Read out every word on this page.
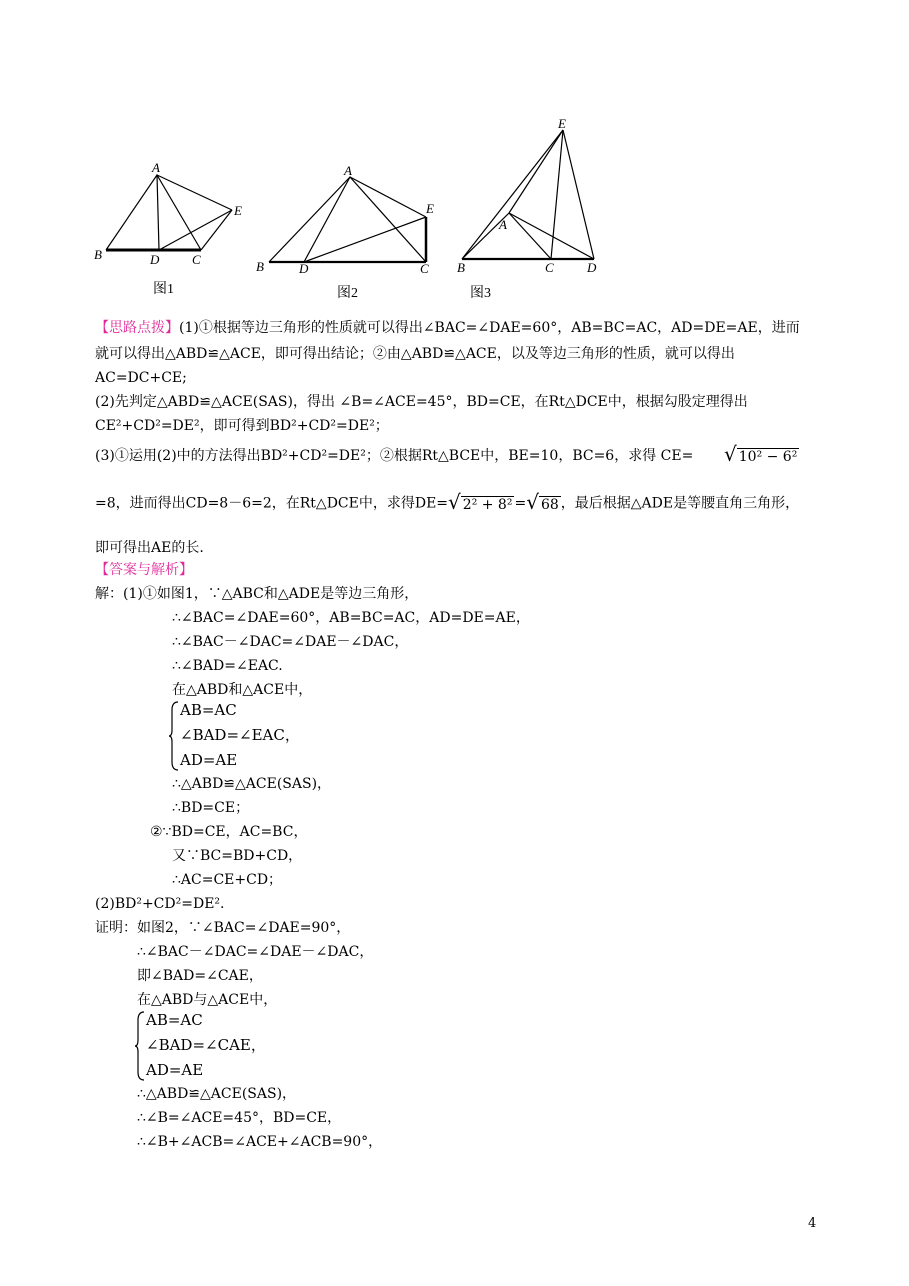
A
B	D	C
E
图1
A
B	D	C
E
图2
E
A
B	C	D
图3
【思路点拨】(1)①根据等边三角形的性质就可以得出∠BAC=∠DAE=60°，AB=BC=AC，AD=DE=AE，进而
就可以得出△ABD≌△ACE，即可得出结论；②由△ABD≌△ACE，以及等边三角形的性质，就可以得出
AC=DC+CE;
(2)先判定△ABD≌△ACE(SAS)，得出 ∠B=∠ACE=45°，BD=CE，在Rt△DCE中，根据勾股定理得出
CE²+CD²=DE²，即可得到BD²+CD²=DE²；
(3)①运用(2)中的方法得出BD²+CD²=DE²；②根据Rt△BCE中，BE=10，BC=6，求得 CE= √ 10² − 6²
=8，进而得出CD=8－6=2，在Rt△DCE中，求得DE=√ 2² + 8² =√ 68 ，最后根据△ADE是等腰直角三角形，
即可得出AE的长.
【答案与解析】
解：(1)①如图1，∵△ABC和△ADE是等边三角形，
∴∠BAC=∠DAE=60°，AB=BC=AC，AD=DE=AE，
∴∠BAC－∠DAC=∠DAE－∠DAC，
∴∠BAD=∠EAC.
在△ABD和△ACE中，
AB=AC
∠BAD=∠EAC，
AD=AE
∴△ABD≌△ACE(SAS)，
∴BD=CE；
②∵BD=CE，AC=BC，
又∵BC=BD+CD，
∴AC=CE+CD；
(2)BD²+CD²=DE².
证明：如图2，∵∠BAC=∠DAE=90°，
∴∠BAC－∠DAC=∠DAE－∠DAC，
即∠BAD=∠CAE，
在△ABD与△ACE中，
AB=AC
∠BAD=∠CAE，
AD=AE
∴△ABD≌△ACE(SAS)，
∴∠B=∠ACE=45°，BD=CE，
∴∠B+∠ACB=∠ACE+∠ACB=90°，
4
